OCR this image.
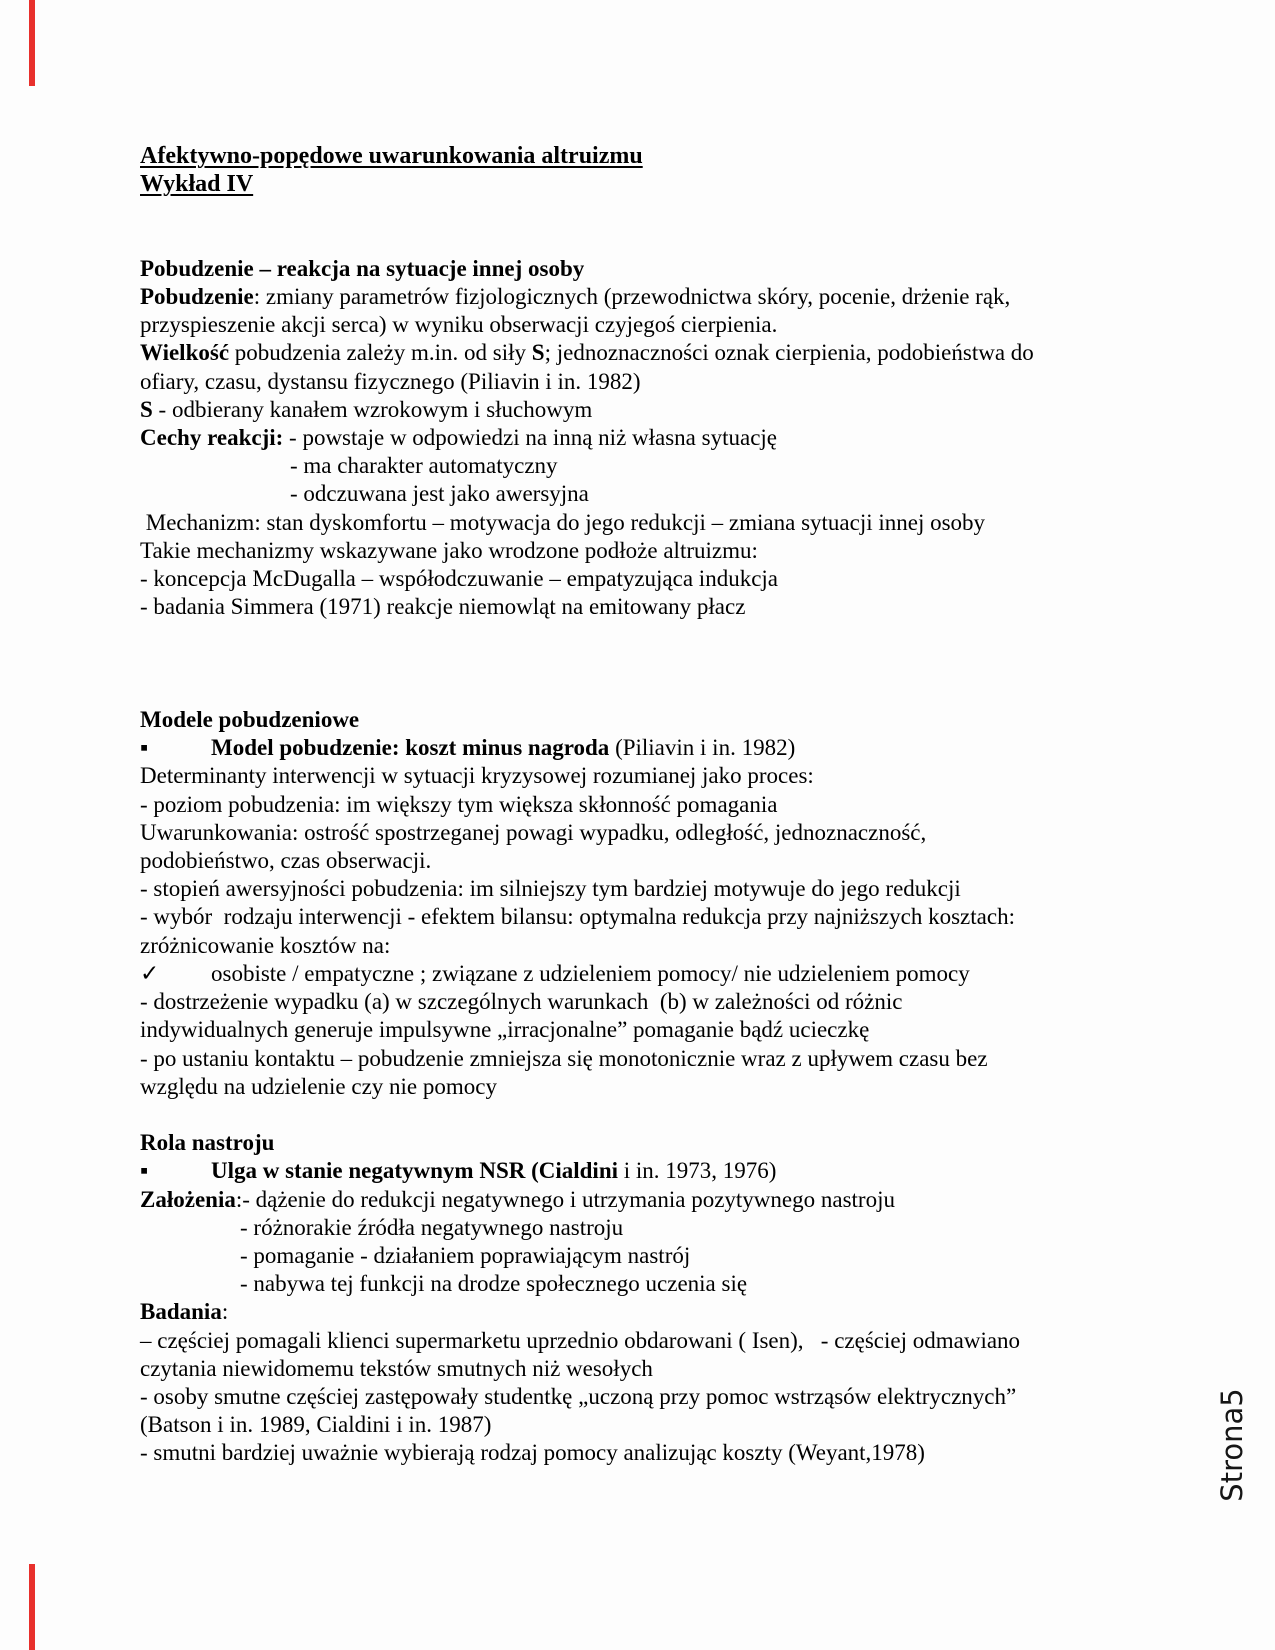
Afektywno-popędowe uwarunkowania altruizmu
Wykład IV

Pobudzenie – reakcja na sytuacje innej osoby
Pobudzenie: zmiany parametrów fizjologicznych (przewodnictwa skóry, pocenie, drżenie rąk,
przyspieszenie akcji serca) w wyniku obserwacji czyjegoś cierpienia.
Wielkość pobudzenia zależy m.in. od siły S; jednoznaczności oznak cierpienia, podobieństwa do
ofiary, czasu, dystansu fizycznego (Piliavin i in. 1982)
S - odbierany kanałem wzrokowym i słuchowym
Cechy reakcji: - powstaje w odpowiedzi na inną niż własna sytuację
- ma charakter automatyczny
- odczuwana jest jako awersyjna
Mechanizm: stan dyskomfortu – motywacja do jego redukcji – zmiana sytuacji innej osoby
Takie mechanizmy wskazywane jako wrodzone podłoże altruizmu:
- koncepcja McDugalla – współodczuwanie – empatyzująca indukcja
- badania Simmera (1971) reakcje niemowląt na emitowany płacz

Modele pobudzeniowe
▪	Model pobudzenie: koszt minus nagroda (Piliavin i in. 1982)
Determinanty interwencji w sytuacji kryzysowej rozumianej jako proces:
- poziom pobudzenia: im większy tym większa skłonność pomagania
Uwarunkowania: ostrość spostrzeganej powagi wypadku, odległość, jednoznaczność,
podobieństwo, czas obserwacji.
- stopień awersyjności pobudzenia: im silniejszy tym bardziej motywuje do jego redukcji
- wybór  rodzaju interwencji - efektem bilansu: optymalna redukcja przy najniższych kosztach:
zróżnicowanie kosztów na:
✓ osobiste / empatyczne ; związane z udzieleniem pomocy/ nie udzieleniem pomocy
- dostrzeżenie wypadku (a) w szczególnych warunkach  (b) w zależności od różnic
indywidualnych generuje impulsywne „irracjonalne” pomaganie bądź ucieczkę
- po ustaniu kontaktu – pobudzenie zmniejsza się monotonicznie wraz z upływem czasu bez
względu na udzielenie czy nie pomocy

Rola nastroju
▪	Ulga w stanie negatywnym NSR (Cialdini i in. 1973, 1976)
Założenia:- dążenie do redukcji negatywnego i utrzymania pozytywnego nastroju
- różnorakie źródła negatywnego nastroju
- pomaganie - działaniem poprawiającym nastrój
- nabywa tej funkcji na drodze społecznego uczenia się
Badania:
– częściej pomagali klienci supermarketu uprzednio obdarowani ( Isen),   - częściej odmawiano
czytania niewidomemu tekstów smutnych niż wesołych
- osoby smutne częściej zastępowały studentkę „uczoną przy pomoc wstrząsów elektrycznych”
(Batson i in. 1989, Cialdini i in. 1987)
- smutni bardziej uważnie wybierają rodzaj pomocy analizując koszty (Weyant,1978)	Strona5
